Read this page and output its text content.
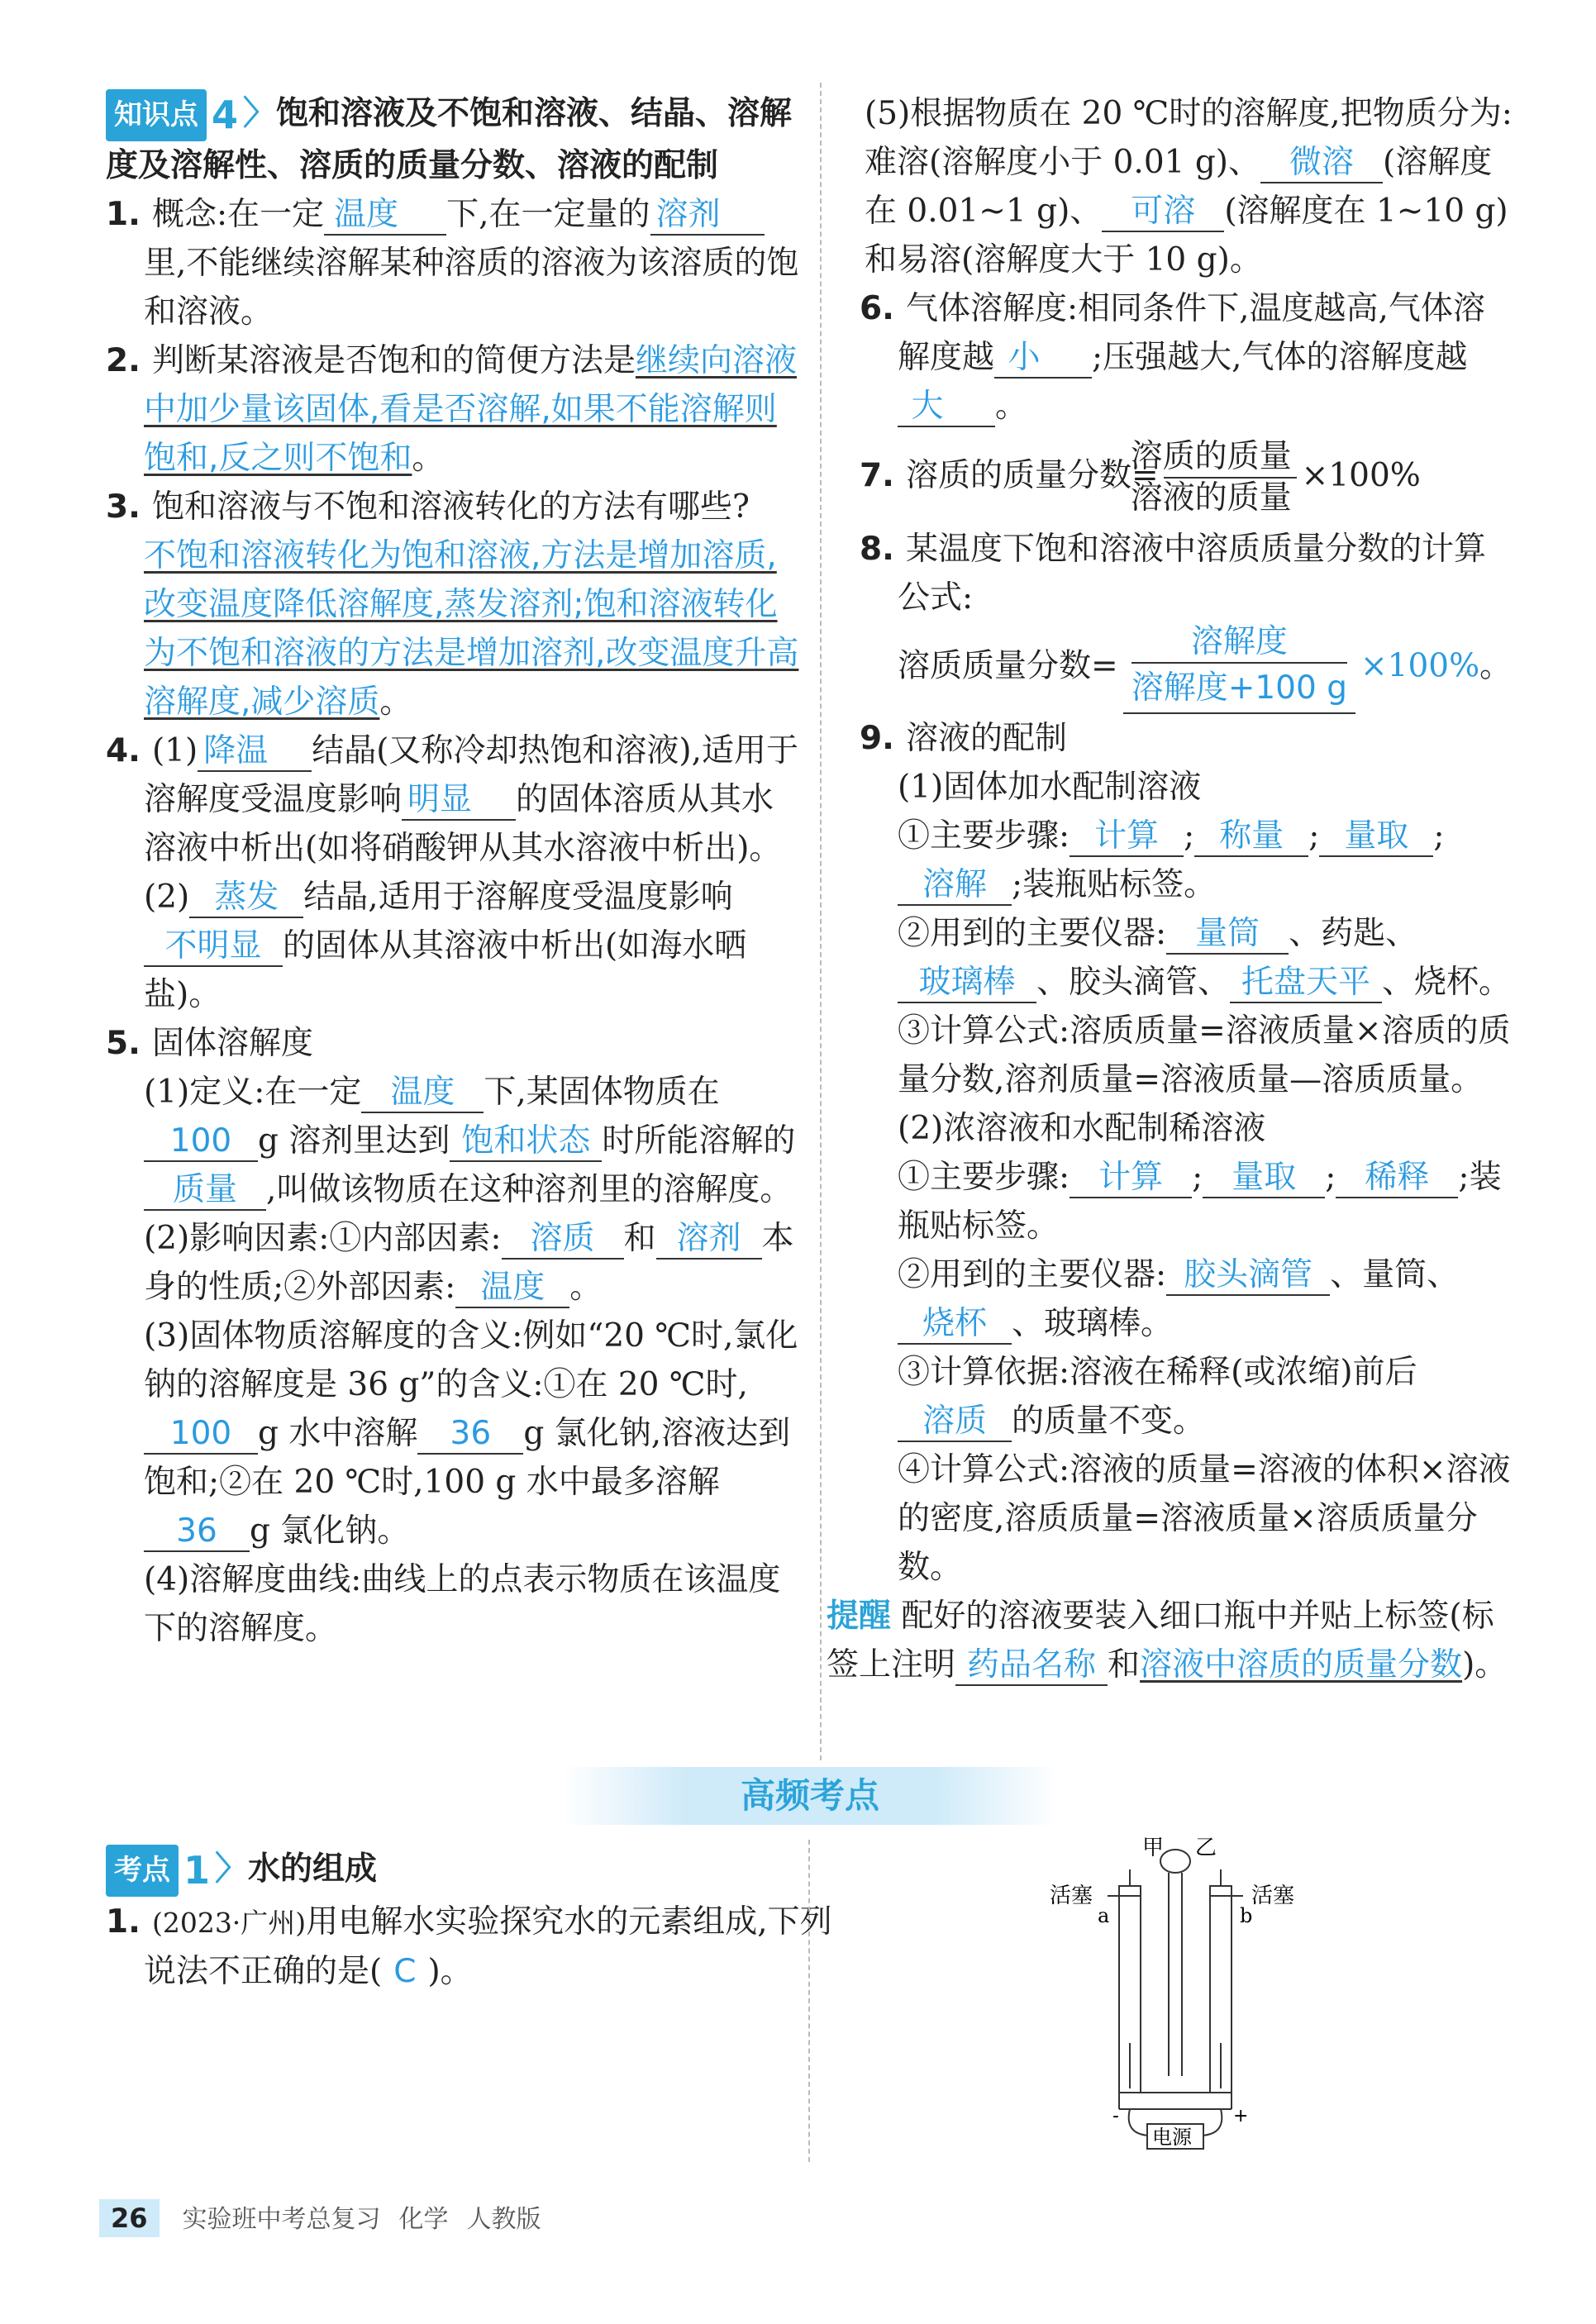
知识点 4 〉饱和溶液及不饱和溶液、结晶、溶解度及溶解性、溶质的质量分数、溶液的配制

1. 概念:在一定 温度 下,在一定量的 溶剂里,不能继续溶解某种溶质的溶液为该溶质的饱和溶液。

2. 判断某溶液是否饱和的简便方法是继续向溶液中加少量该固体,看是否溶解,如果不能溶解则饱和,反之则不饱和。

3. 饱和溶液与不饱和溶液转化的方法有哪些?
不饱和溶液转化为饱和溶液,方法是增加溶质,改变温度降低溶解度,蒸发溶剂;饱和溶液转化为不饱和溶液的方法是增加溶剂,改变温度升高溶解度,减少溶质。

4. (1) 降温 结晶(又称冷却热饱和溶液),适用于溶解度受温度影响 明显 的固体溶质从其水溶液中析出(如将硝酸钾从其水溶液中析出)。

(2) 蒸发 结晶,适用于溶解度受温度影响不明显 的固体从其溶液中析出(如海水晒盐)。

5. 固体溶解度

(1)定义:在一定 温度 下,某固体物质在100 g 溶剂里达到 饱和状态 时所能溶解的质量 ,叫做该物质在这种溶剂里的溶解度。

(2)影响因素:①内部因素: 溶质 和 溶剂 本身的性质;②外部因素: 温度 。

(3)固体物质溶解度的含义:例如“20 ℃时,氯化钠的溶解度是 36 g”的含义:①在 20 ℃时,100 g 水中溶解 36 g 氯化钠,溶液达到饱和;②在 20 ℃时,100 g 水中最多溶解36 g 氯化钠。

(4)溶解度曲线:曲线上的点表示物质在该温度下的溶解度。

(5)根据物质在 20 ℃时的溶解度,把物质分为:难溶(溶解度小于 0.01 g)、 微溶 (溶解度在 0.01~1 g)、 可溶 (溶解度在 1~10 g)和易溶(溶解度大于 10 g)。

6. 气体溶解度:相同条件下,温度越高,气体溶解度越 小 ;压强越大,气体的溶解度越大 。

7. 溶质的质量分数= $\frac{\text{溶质的质量}}{\text{溶液的质量}} \times 100\%$

8. 某温度下饱和溶液中溶质质量分数的计算公式:

溶质质量分数= $\frac{\text{溶解度}}{\text{溶解度+100 g}} \times 100\%$。

9. 溶液的配制

(1)固体加水配制溶液

①主要步骤: 计算 ; 称量 ; 量取 ;溶解 ;装瓶贴标签。

②用到的主要仪器: 量筒 、药匙、玻璃棒 、胶头滴管、 托盘天平 、烧杯。

③计算公式:溶质质量=溶液质量×溶质的质量分数,溶剂质量=溶液质量—溶质质量。

(2)浓溶液和水配制稀溶液

①主要步骤: 计算 ; 量取 ; 稀释 ;装瓶贴标签。

②用到的主要仪器: 胶头滴管 、量筒、烧杯 、玻璃棒。

③计算依据:溶液在稀释(或浓缩)前后溶质 的质量不变。

④计算公式:溶液的质量=溶液的体积×溶液的密度,溶质质量=溶液质量×溶质质量分数。

提醒 配好的溶液要装入细口瓶中并贴上标签(标签上注明 药品名称 和溶液中溶质的质量分数)。

高频考点
考点 1 〉水的组成

1. (2023·广州)用电解水实验探究水的元素组成,下列说法不正确的是( C )。

甲 乙
活塞	活塞
a	b
-	+
电源
26 实验班中考总复习 化学 人教版
